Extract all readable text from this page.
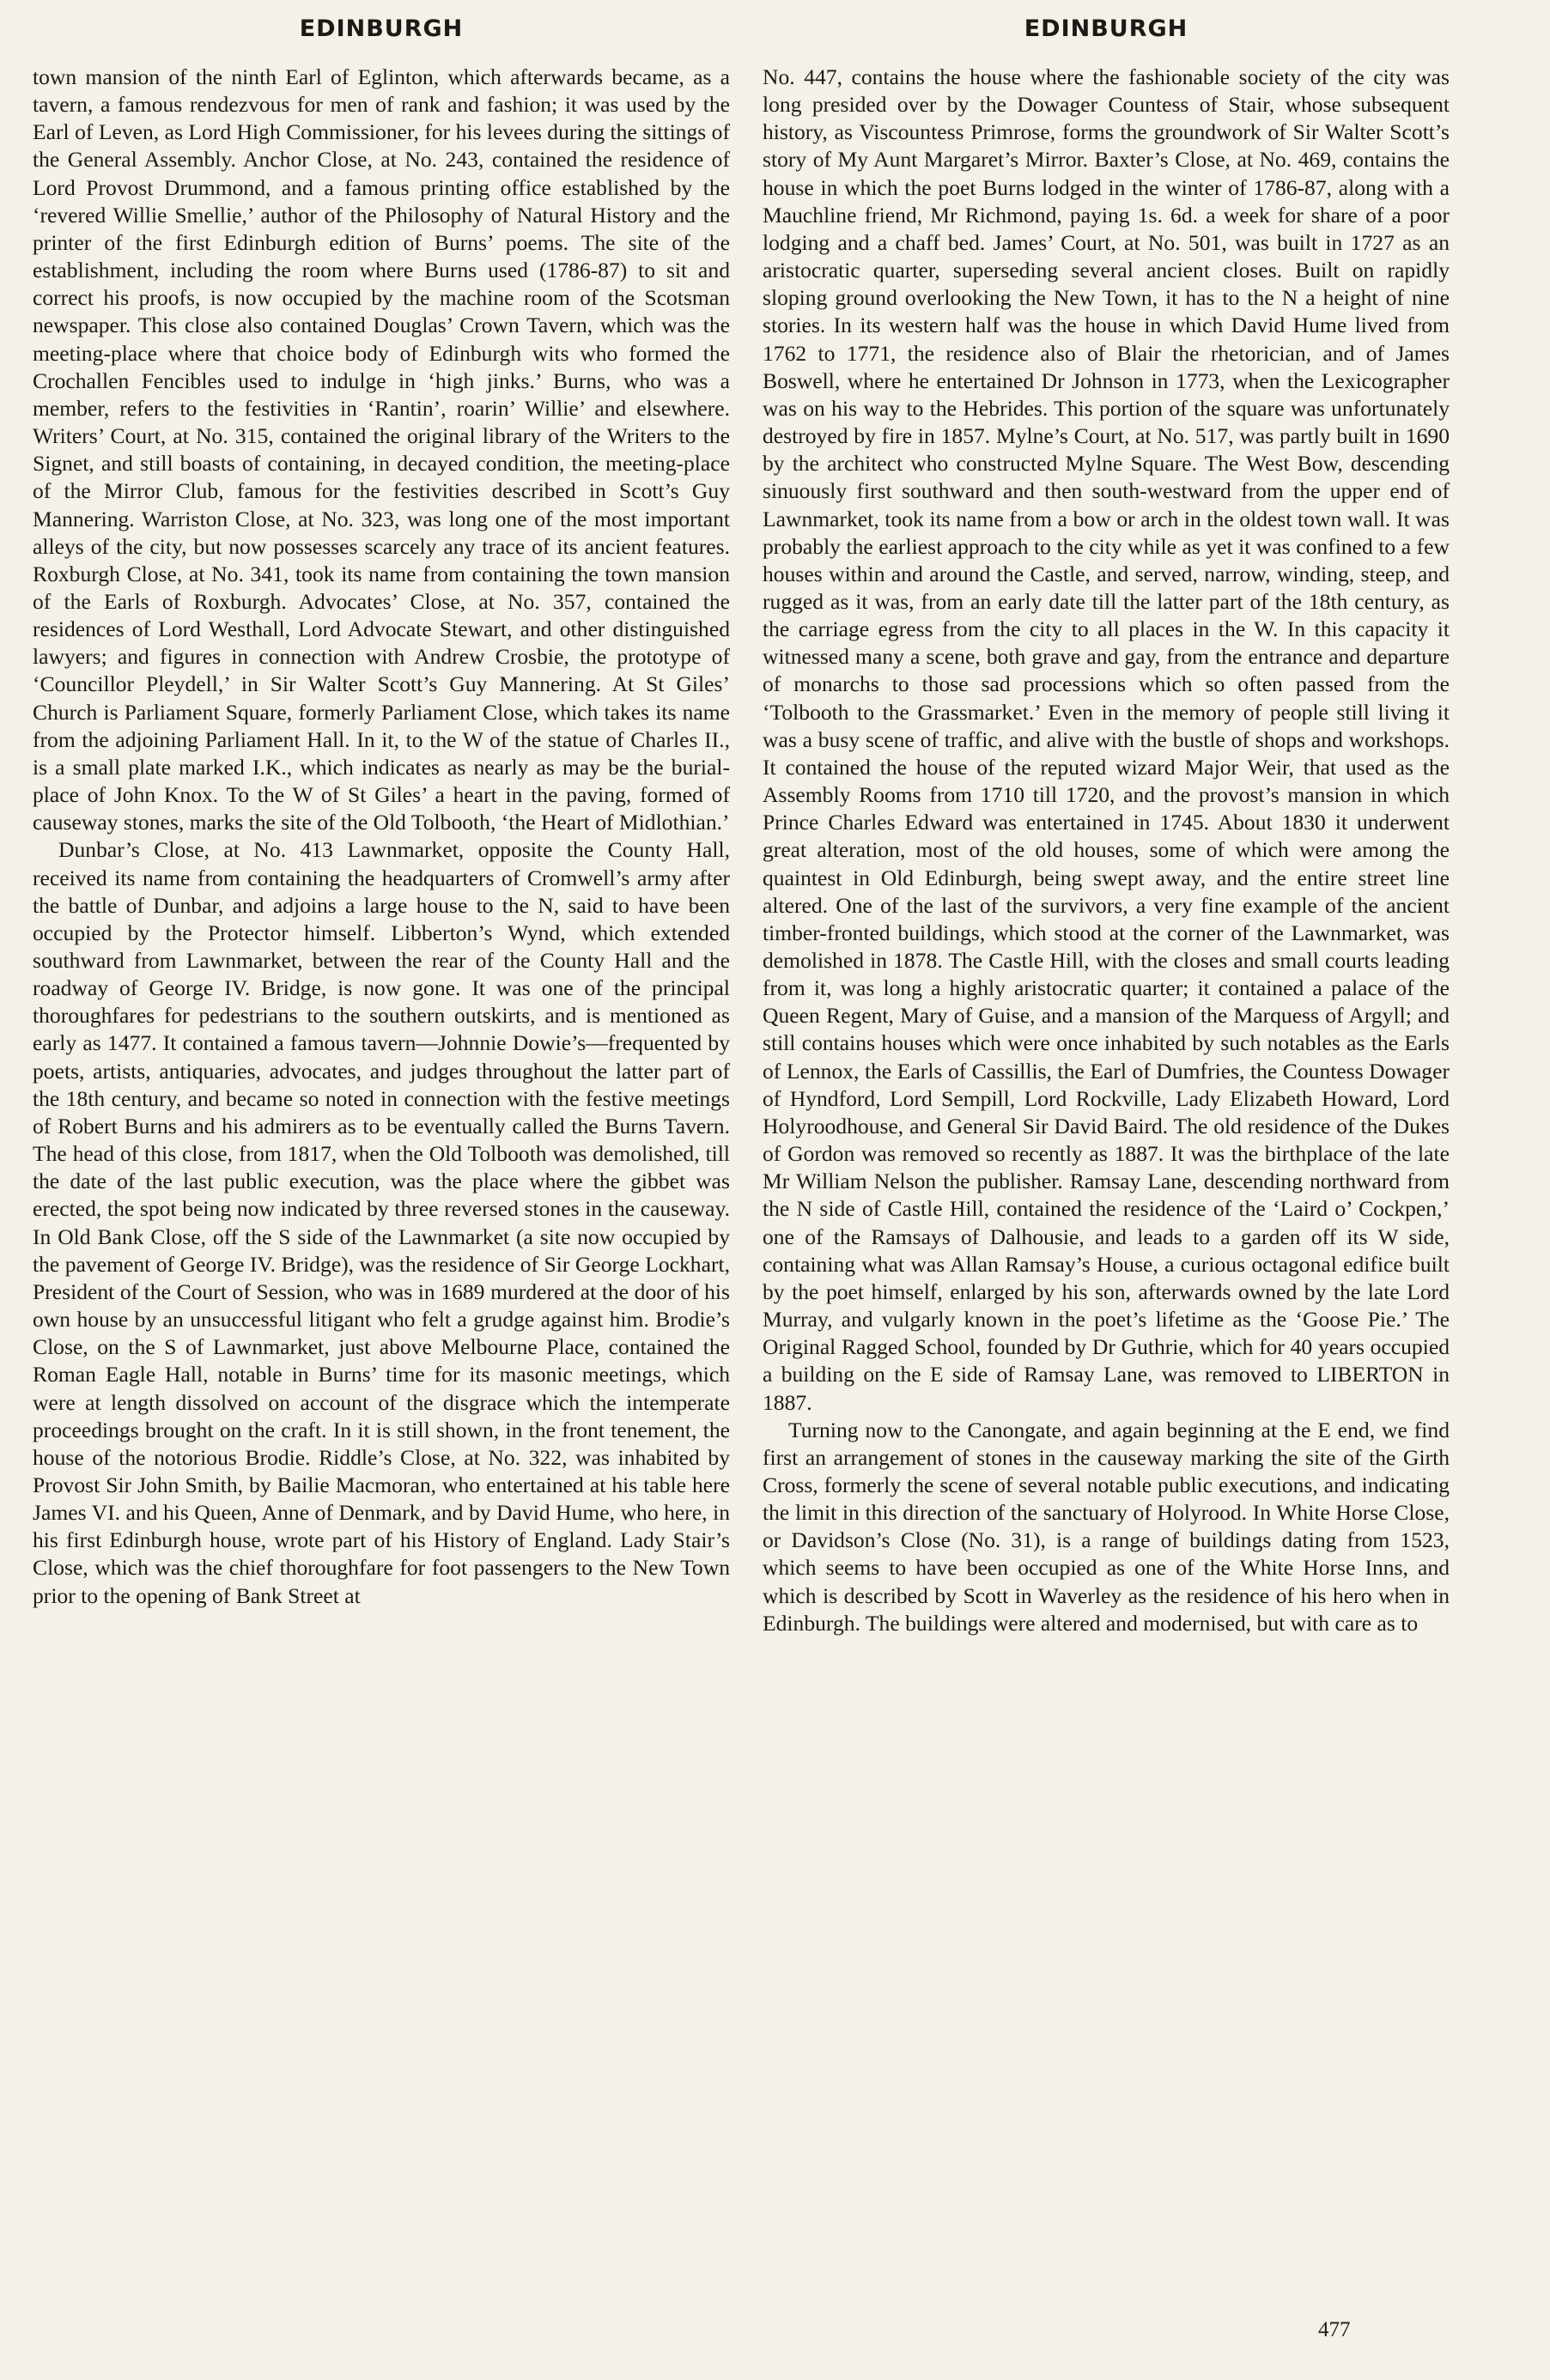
EDINBURGH	EDINBURGH

town mansion of the ninth Earl of Eglinton, which afterwards became, as a tavern, a famous rendezvous for men of rank and fashion; it was used by the Earl of Leven, as Lord High Commissioner, for his levees during the sittings of the General Assembly. Anchor Close, at No. 243, contained the residence of Lord Provost Drummond, and a famous printing office established by the ‘revered Willie Smellie,’ author of the Philosophy of Natural History and the printer of the first Edinburgh edition of Burns’ poems. The site of the establishment, including the room where Burns used (1786-87) to sit and correct his proofs, is now occupied by the machine room of the Scotsman newspaper. This close also contained Douglas’ Crown Tavern, which was the meeting-place where that choice body of Edinburgh wits who formed the Crochallen Fencibles used to indulge in ‘high jinks.’ Burns, who was a member, refers to the festivities in ‘Rantin’, roarin’ Willie’ and elsewhere. Writers’ Court, at No. 315, contained the original library of the Writers to the Signet, and still boasts of containing, in decayed condition, the meeting-place of the Mirror Club, famous for the festivities described in Scott’s Guy Mannering. Warriston Close, at No. 323, was long one of the most important alleys of the city, but now possesses scarcely any trace of its ancient features. Roxburgh Close, at No. 341, took its name from containing the town mansion of the Earls of Roxburgh. Advocates’ Close, at No. 357, contained the residences of Lord Westhall, Lord Advocate Stewart, and other distinguished lawyers; and figures in connection with Andrew Crosbie, the prototype of ‘Councillor Pleydell,’ in Sir Walter Scott’s Guy Mannering. At St Giles’ Church is Parliament Square, formerly Parliament Close, which takes its name from the adjoining Parliament Hall. In it, to the W of the statue of Charles II., is a small plate marked I.K., which indicates as nearly as may be the burial-place of John Knox. To the W of St Giles’ a heart in the paving, formed of causeway stones, marks the site of the Old Tolbooth, ‘the Heart of Midlothian.’

Dunbar’s Close, at No. 413 Lawnmarket, opposite the County Hall, received its name from containing the headquarters of Cromwell’s army after the battle of Dunbar, and adjoins a large house to the N, said to have been occupied by the Protector himself. Libberton’s Wynd, which extended southward from Lawnmarket, between the rear of the County Hall and the roadway of George IV. Bridge, is now gone. It was one of the principal thoroughfares for pedestrians to the southern outskirts, and is mentioned as early as 1477. It contained a famous tavern—Johnnie Dowie’s—frequented by poets, artists, antiquaries, advocates, and judges throughout the latter part of the 18th century, and became so noted in connection with the festive meetings of Robert Burns and his admirers as to be eventually called the Burns Tavern. The head of this close, from 1817, when the Old Tolbooth was demolished, till the date of the last public execution, was the place where the gibbet was erected, the spot being now indicated by three reversed stones in the causeway. In Old Bank Close, off the S side of the Lawnmarket (a site now occupied by the pavement of George IV. Bridge), was the residence of Sir George Lockhart, President of the Court of Session, who was in 1689 murdered at the door of his own house by an unsuccessful litigant who felt a grudge against him. Brodie’s Close, on the S of Lawnmarket, just above Melbourne Place, contained the Roman Eagle Hall, notable in Burns’ time for its masonic meetings, which were at length dissolved on account of the disgrace which the intemperate proceedings brought on the craft. In it is still shown, in the front tenement, the house of the notorious Brodie. Riddle’s Close, at No. 322, was inhabited by Provost Sir John Smith, by Bailie Macmoran, who entertained at his table here James VI. and his Queen, Anne of Denmark, and by David Hume, who here, in his first Edinburgh house, wrote part of his History of England. Lady Stair’s Close, which was the chief thoroughfare for foot passengers to the New Town prior to the opening of Bank Street at

No. 447, contains the house where the fashionable society of the city was long presided over by the Dowager Countess of Stair, whose subsequent history, as Viscountess Primrose, forms the groundwork of Sir Walter Scott’s story of My Aunt Margaret’s Mirror. Baxter’s Close, at No. 469, contains the house in which the poet Burns lodged in the winter of 1786-87, along with a Mauchline friend, Mr Richmond, paying 1s. 6d. a week for share of a poor lodging and a chaff bed. James’ Court, at No. 501, was built in 1727 as an aristocratic quarter, superseding several ancient closes. Built on rapidly sloping ground overlooking the New Town, it has to the N a height of nine stories. In its western half was the house in which David Hume lived from 1762 to 1771, the residence also of Blair the rhetorician, and of James Boswell, where he entertained Dr Johnson in 1773, when the Lexicographer was on his way to the Hebrides. This portion of the square was unfortunately destroyed by fire in 1857. Mylne’s Court, at No. 517, was partly built in 1690 by the architect who constructed Mylne Square. The West Bow, descending sinuously first southward and then south-westward from the upper end of Lawnmarket, took its name from a bow or arch in the oldest town wall. It was probably the earliest approach to the city while as yet it was confined to a few houses within and around the Castle, and served, narrow, winding, steep, and rugged as it was, from an early date till the latter part of the 18th century, as the carriage egress from the city to all places in the W. In this capacity it witnessed many a scene, both grave and gay, from the entrance and departure of monarchs to those sad processions which so often passed from the ‘Tolbooth to the Grassmarket.’ Even in the memory of people still living it was a busy scene of traffic, and alive with the bustle of shops and workshops. It contained the house of the reputed wizard Major Weir, that used as the Assembly Rooms from 1710 till 1720, and the provost’s mansion in which Prince Charles Edward was entertained in 1745. About 1830 it underwent great alteration, most of the old houses, some of which were among the quaintest in Old Edinburgh, being swept away, and the entire street line altered. One of the last of the survivors, a very fine example of the ancient timber-fronted buildings, which stood at the corner of the Lawnmarket, was demolished in 1878. The Castle Hill, with the closes and small courts leading from it, was long a highly aristocratic quarter; it contained a palace of the Queen Regent, Mary of Guise, and a mansion of the Marquess of Argyll; and still contains houses which were once inhabited by such notables as the Earls of Lennox, the Earls of Cassillis, the Earl of Dumfries, the Countess Dowager of Hyndford, Lord Sempill, Lord Rockville, Lady Elizabeth Howard, Lord Holyroodhouse, and General Sir David Baird. The old residence of the Dukes of Gordon was removed so recently as 1887. It was the birthplace of the late Mr William Nelson the publisher. Ramsay Lane, descending northward from the N side of Castle Hill, contained the residence of the ‘Laird o’ Cockpen,’ one of the Ramsays of Dalhousie, and leads to a garden off its W side, containing what was Allan Ramsay’s House, a curious octagonal edifice built by the poet himself, enlarged by his son, afterwards owned by the late Lord Murray, and vulgarly known in the poet’s lifetime as the ‘Goose Pie.’ The Original Ragged School, founded by Dr Guthrie, which for 40 years occupied a building on the E side of Ramsay Lane, was removed to LIBERTON in 1887.

Turning now to the Canongate, and again beginning at the E end, we find first an arrangement of stones in the causeway marking the site of the Girth Cross, formerly the scene of several notable public executions, and indicating the limit in this direction of the sanctuary of Holyrood. In White Horse Close, or Davidson’s Close (No. 31), is a range of buildings dating from 1523, which seems to have been occupied as one of the White Horse Inns, and which is described by Scott in Waverley as the residence of his hero when in Edinburgh. The buildings were altered and modernised, but with care as to

477
